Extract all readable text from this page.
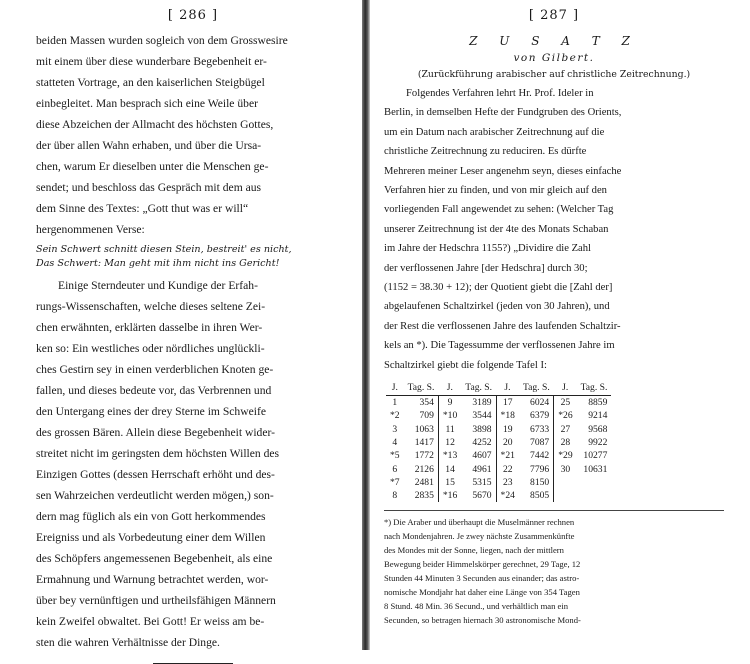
[ 286 ]

beiden Massen wurden sogleich von dem Grosswesire

mit einem über diese wunderbare Begebenheit er-

statteten Vortrage, an den kaiserlichen Steigbügel

einbegleitet. Man besprach sich eine Weile über

diese Abzeichen der Allmacht des höchsten Gottes,

der über allen Wahn erhaben, und über die Ursa-

chen, warum Er dieselben unter die Menschen ge-

sendet; und beschloss das Gespräch mit dem aus

dem Sinne des Textes: „Gott thut was er will“

hergenommenen Verse:

Sein Schwert schnitt diesen Stein, bestreit' es nicht,
Das Schwert: Man geht mit ihm nicht ins Gericht!

Einige Sterndeuter und Kundige der Erfah-

rungs-Wissenschaften, welche dieses seltene Zei-

chen erwähnten, erklärten dasselbe in ihren Wer-

ken so: Ein westliches oder nördliches unglückli-

ches Gestirn sey in einen verderblichen Knoten ge-

fallen, und dieses bedeute vor, das Verbrennen und

den Untergang eines der drey Sterne im Schweife

des grossen Bären. Allein diese Begebenheit wider-

streitet nicht im geringsten dem höchsten Willen des

Einzigen Gottes (dessen Herrschaft erhöht und des-

sen Wahrzeichen verdeutlicht werden mögen,) son-

dern mag füglich als ein von Gott herkommendes

Ereigniss und als Vorbedeutung einer dem Willen

des Schöpfers angemessenen Begebenheit, als eine

Ermahnung und Warnung betrachtet werden, wor-

über bey vernünftigen und urtheilsfähigen Männern

kein Zweifel obwaltet. Bei Gott! Er weiss am be-

sten die wahren Verhältnisse der Dinge.

[ 287 ]
Z U S A T Z
von Gilbert.
(Zurückführung arabischer auf christliche Zeitrechnung.)

Folgendes Verfahren lehrt Hr. Prof. Ideler in

Berlin, in demselben Hefte der Fundgruben des Orients,

um ein Datum nach arabischer Zeitrechnung auf die

christliche Zeitrechnung zu reduciren. Es dürfte

Mehreren meiner Leser angenehm seyn, dieses einfache

Verfahren hier zu finden, und von mir gleich auf den

vorliegenden Fall angewendet zu sehen: (Welcher Tag

unserer Zeitrechnung ist der 4te des Monats Schaban

im Jahre der Hedschra 1155?) „Dividire die Zahl

der verflossenen Jahre [der Hedschra] durch 30;

(1152 = 38.30 + 12); der Quotient giebt die [Zahl der]

abgelaufenen Schaltzirkel (jeden von 30 Jahren), und

der Rest die verflossenen Jahre des laufenden Schaltzir-

kels an *). Die Tagessumme der verflossenen Jahre im

Schaltzirkel giebt die folgende Tafel I:

J.	Tag. S.	J.	Tag. S.	J.	Tag. S.	J.	Tag. S.
1	354	9	3189	17	6024	25	8859
*2	709	*10	3544	*18	6379	*26	9214
3	1063	11	3898	19	6733	27	9568
4	1417	12	4252	20	7087	28	9922
*5	1772	*13	4607	*21	7442	*29	10277
6	2126	14	4961	22	7796	30	10631
*7	2481	15	5315	23	8150		
8	2835	*16	5670	*24	8505		
*) Die Araber und überhaupt die Muselmänner rechnen
nach Mondenjahren. Je zwey nächste Zusammenkünfte
des Mondes mit der Sonne, liegen, nach der mittlern
Bewegung beider Himmelskörper gerechnet, 29 Tage, 12
Stunden 44 Minuten 3 Secunden aus einander; das astro-
nomische Mondjahr hat daher eine Länge von 354 Tagen
8 Stund. 48 Min. 36 Secund., und verhältlich man ein
Secunden, so betragen hiernach 30 astronomische Mond-
